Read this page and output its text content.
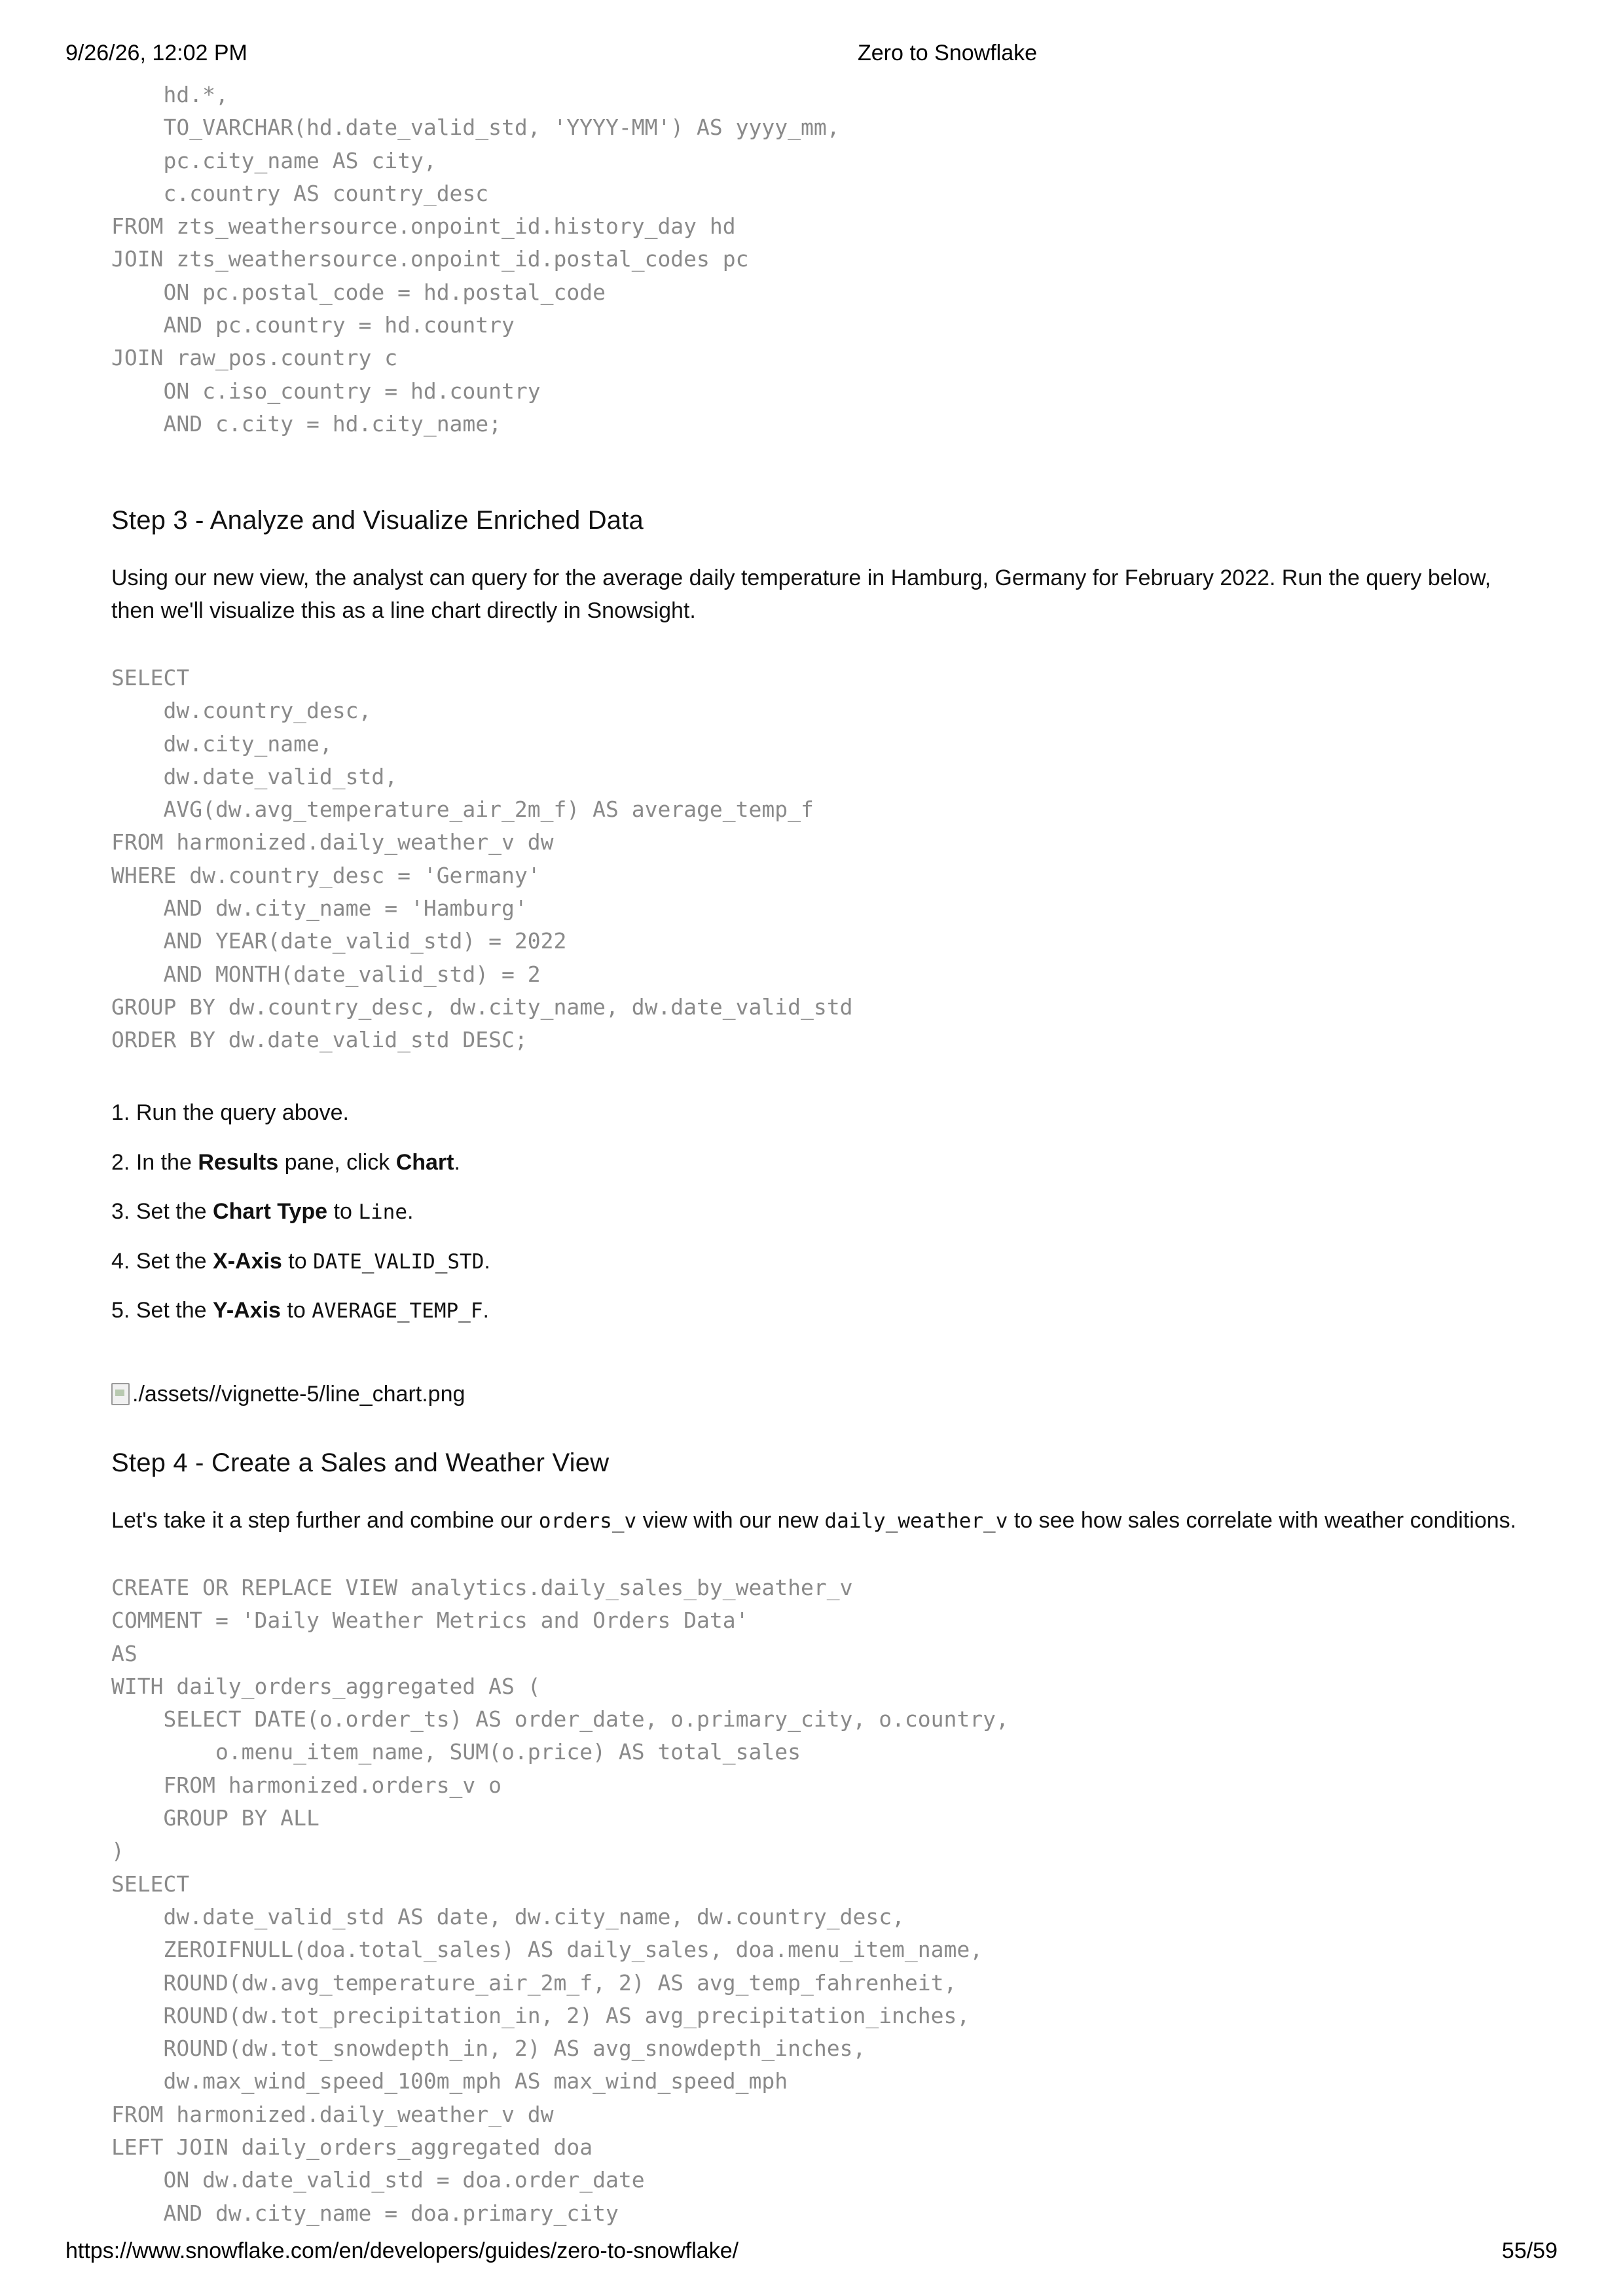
9/26/26, 12:02 PM	Zero to Snowflake
hd.*,
TO_VARCHAR(hd.date_valid_std, 'YYYY-MM') AS yyyy_mm,
pc.city_name AS city,
c.country AS country_desc
FROM zts_weathersource.onpoint_id.history_day hd
JOIN zts_weathersource.onpoint_id.postal_codes pc
ON pc.postal_code = hd.postal_code
AND pc.country = hd.country
JOIN raw_pos.country c
ON c.iso_country = hd.country
AND c.city = hd.city_name;
Step 3 - Analyze and Visualize Enriched Data

Using our new view, the analyst can query for the average daily temperature in Hamburg, Germany for February 2022. Run the query below, then we'll visualize this as a line chart directly in Snowsight.

SELECT
dw.country_desc,
dw.city_name,
dw.date_valid_std,
AVG(dw.avg_temperature_air_2m_f) AS average_temp_f
FROM harmonized.daily_weather_v dw
WHERE dw.country_desc = 'Germany'
AND dw.city_name = 'Hamburg'
AND YEAR(date_valid_std) = 2022
AND MONTH(date_valid_std) = 2
GROUP BY dw.country_desc, dw.city_name, dw.date_valid_std
ORDER BY dw.date_valid_std DESC;
1. Run the query above.
2. In the Results pane, click Chart.
3. Set the Chart Type to Line.
4. Set the X-Axis to DATE_VALID_STD.
5. Set the Y-Axis to AVERAGE_TEMP_F.
./assets//vignette-5/line_chart.png
Step 4 - Create a Sales and Weather View

Let's take it a step further and combine our orders_v view with our new daily_weather_v to see how sales correlate with weather conditions.

CREATE OR REPLACE VIEW analytics.daily_sales_by_weather_v
COMMENT = 'Daily Weather Metrics and Orders Data'
AS
WITH daily_orders_aggregated AS (
SELECT DATE(o.order_ts) AS order_date, o.primary_city, o.country,
o.menu_item_name, SUM(o.price) AS total_sales
FROM harmonized.orders_v o
GROUP BY ALL
)
SELECT
dw.date_valid_std AS date, dw.city_name, dw.country_desc,
ZEROIFNULL(doa.total_sales) AS daily_sales, doa.menu_item_name,
ROUND(dw.avg_temperature_air_2m_f, 2) AS avg_temp_fahrenheit,
ROUND(dw.tot_precipitation_in, 2) AS avg_precipitation_inches,
ROUND(dw.tot_snowdepth_in, 2) AS avg_snowdepth_inches,
dw.max_wind_speed_100m_mph AS max_wind_speed_mph
FROM harmonized.daily_weather_v dw
LEFT JOIN daily_orders_aggregated doa
ON dw.date_valid_std = doa.order_date
AND dw.city_name = doa.primary_city
https://www.snowflake.com/en/developers/guides/zero-to-snowflake/	55/59
